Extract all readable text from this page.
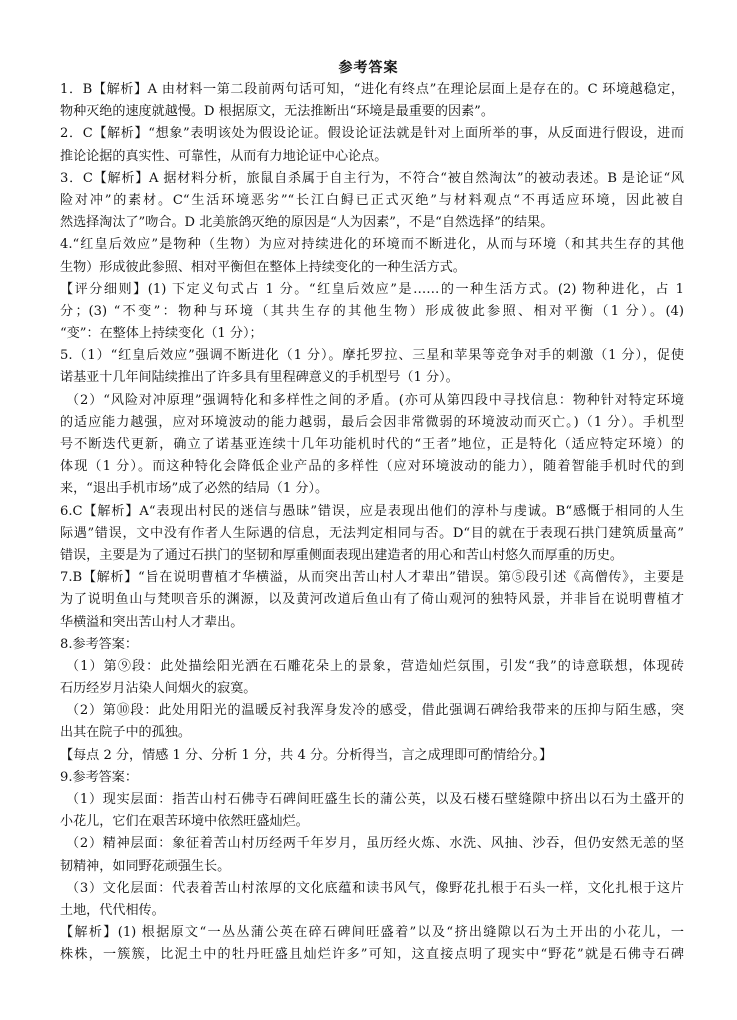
参考答案
1．B【解析】A 由材料一第二段前两句话可知，“进化有终点”在理论层面上是存在的。C 环境越稳定，
物种灭绝的速度就越慢。D 根据原文，无法推断出“环境是最重要的因素”。
2．C【解析】“想象”表明该处为假设论证。假设论证法就是针对上面所举的事，从反面进行假设，进而
推论论据的真实性、可靠性，从而有力地论证中心论点。
3．C【解析】A 据材料分析，旅鼠自杀属于自主行为，不符合“被自然淘汰”的被动表述。B 是论证“风
险对冲”的素材。C“生活环境恶劣”“长江白鲟已正式灭绝”与材料观点“不再适应环境，因此被自
然选择淘汰了”吻合。D 北美旅鸽灭绝的原因是“人为因素”，不是“自然选择”的结果。
4.“红皇后效应”是物种（生物）为应对持续进化的环境而不断进化，从而与环境（和其共生存的其他
生物）形成彼此参照、相对平衡但在整体上持续变化的一种生活方式。
【评分细则】(1) 下定义句式占 1 分。“红皇后效应”是……的一种生活方式。(2) 物种进化，占 1
分；(3) “不变”：物种与环境（其共生存的其他生物）形成彼此参照、相对平衡（1 分）。(4)
“变”：在整体上持续变化（1 分）；
5.（1）“红皇后效应”强调不断进化（1 分）。摩托罗拉、三星和苹果等竞争对手的刺激（1 分），促使
诺基亚十几年间陆续推出了许多具有里程碑意义的手机型号（1 分）。
（2）“风险对冲原理”强调特化和多样性之间的矛盾。(亦可从第四段中寻找信息：物种针对特定环境
的适应能力越强，应对环境波动的能力越弱，最后会因非常微弱的环境波动而灭亡。)（1 分）。手机型
号不断迭代更新，确立了诺基亚连续十几年功能机时代的“王者”地位，正是特化（适应特定环境）的
体现（1 分）。而这种特化会降低企业产品的多样性（应对环境波动的能力），随着智能手机时代的到
来，“退出手机市场”成了必然的结局（1 分）。
6.C【解析】A“表现出村民的迷信与愚昧”错误，应是表现出他们的淳朴与虔诚。B“感慨于相同的人生
际遇”错误，文中没有作者人生际遇的信息，无法判定相同与否。D“目的就在于表现石拱门建筑质量高”
错误，主要是为了通过石拱门的坚韧和厚重侧面表现出建造者的用心和苦山村悠久而厚重的历史。
7.B【解析】“旨在说明曹植才华横溢，从而突出苦山村人才辈出”错误。第⑤段引述《高僧传》，主要是
为了说明鱼山与梵呗音乐的渊源，以及黄河改道后鱼山有了倚山观河的独特风景，并非旨在说明曹植才
华横溢和突出苦山村人才辈出。
8.参考答案：
（1）第⑨段：此处描绘阳光洒在石雕花朵上的景象，营造灿烂氛围，引发“我”的诗意联想，体现砖
石历经岁月沾染人间烟火的寂寞。
（2）第⑩段：此处用阳光的温暖反衬我浑身发冷的感受，借此强调石碑给我带来的压抑与陌生感，突
出其在院子中的孤独。
【每点 2 分，情感 1 分、分析 1 分，共 4 分。分析得当，言之成理即可酌情给分。】
9.参考答案：
（1）现实层面：指苦山村石佛寺石碑间旺盛生长的蒲公英，以及石楼石壁缝隙中挤出以石为土盛开的
小花儿，它们在艰苦环境中依然旺盛灿烂。
（2）精神层面：象征着苦山村历经两千年岁月，虽历经火炼、水洗、风抽、沙吞，但仍安然无恙的坚
韧精神，如同野花顽强生长。
（3）文化层面：代表着苦山村浓厚的文化底蕴和读书风气，像野花扎根于石头一样，文化扎根于这片
土地，代代相传。
【解析】(1) 根据原文“一丛丛蒲公英在碎石碑间旺盛着”以及“挤出缝隙以石为土开出的小花儿，一
株株，一簇簇，比泥土中的牡丹旺盛且灿烂许多”可知，这直接点明了现实中“野花”就是石佛寺石碑
